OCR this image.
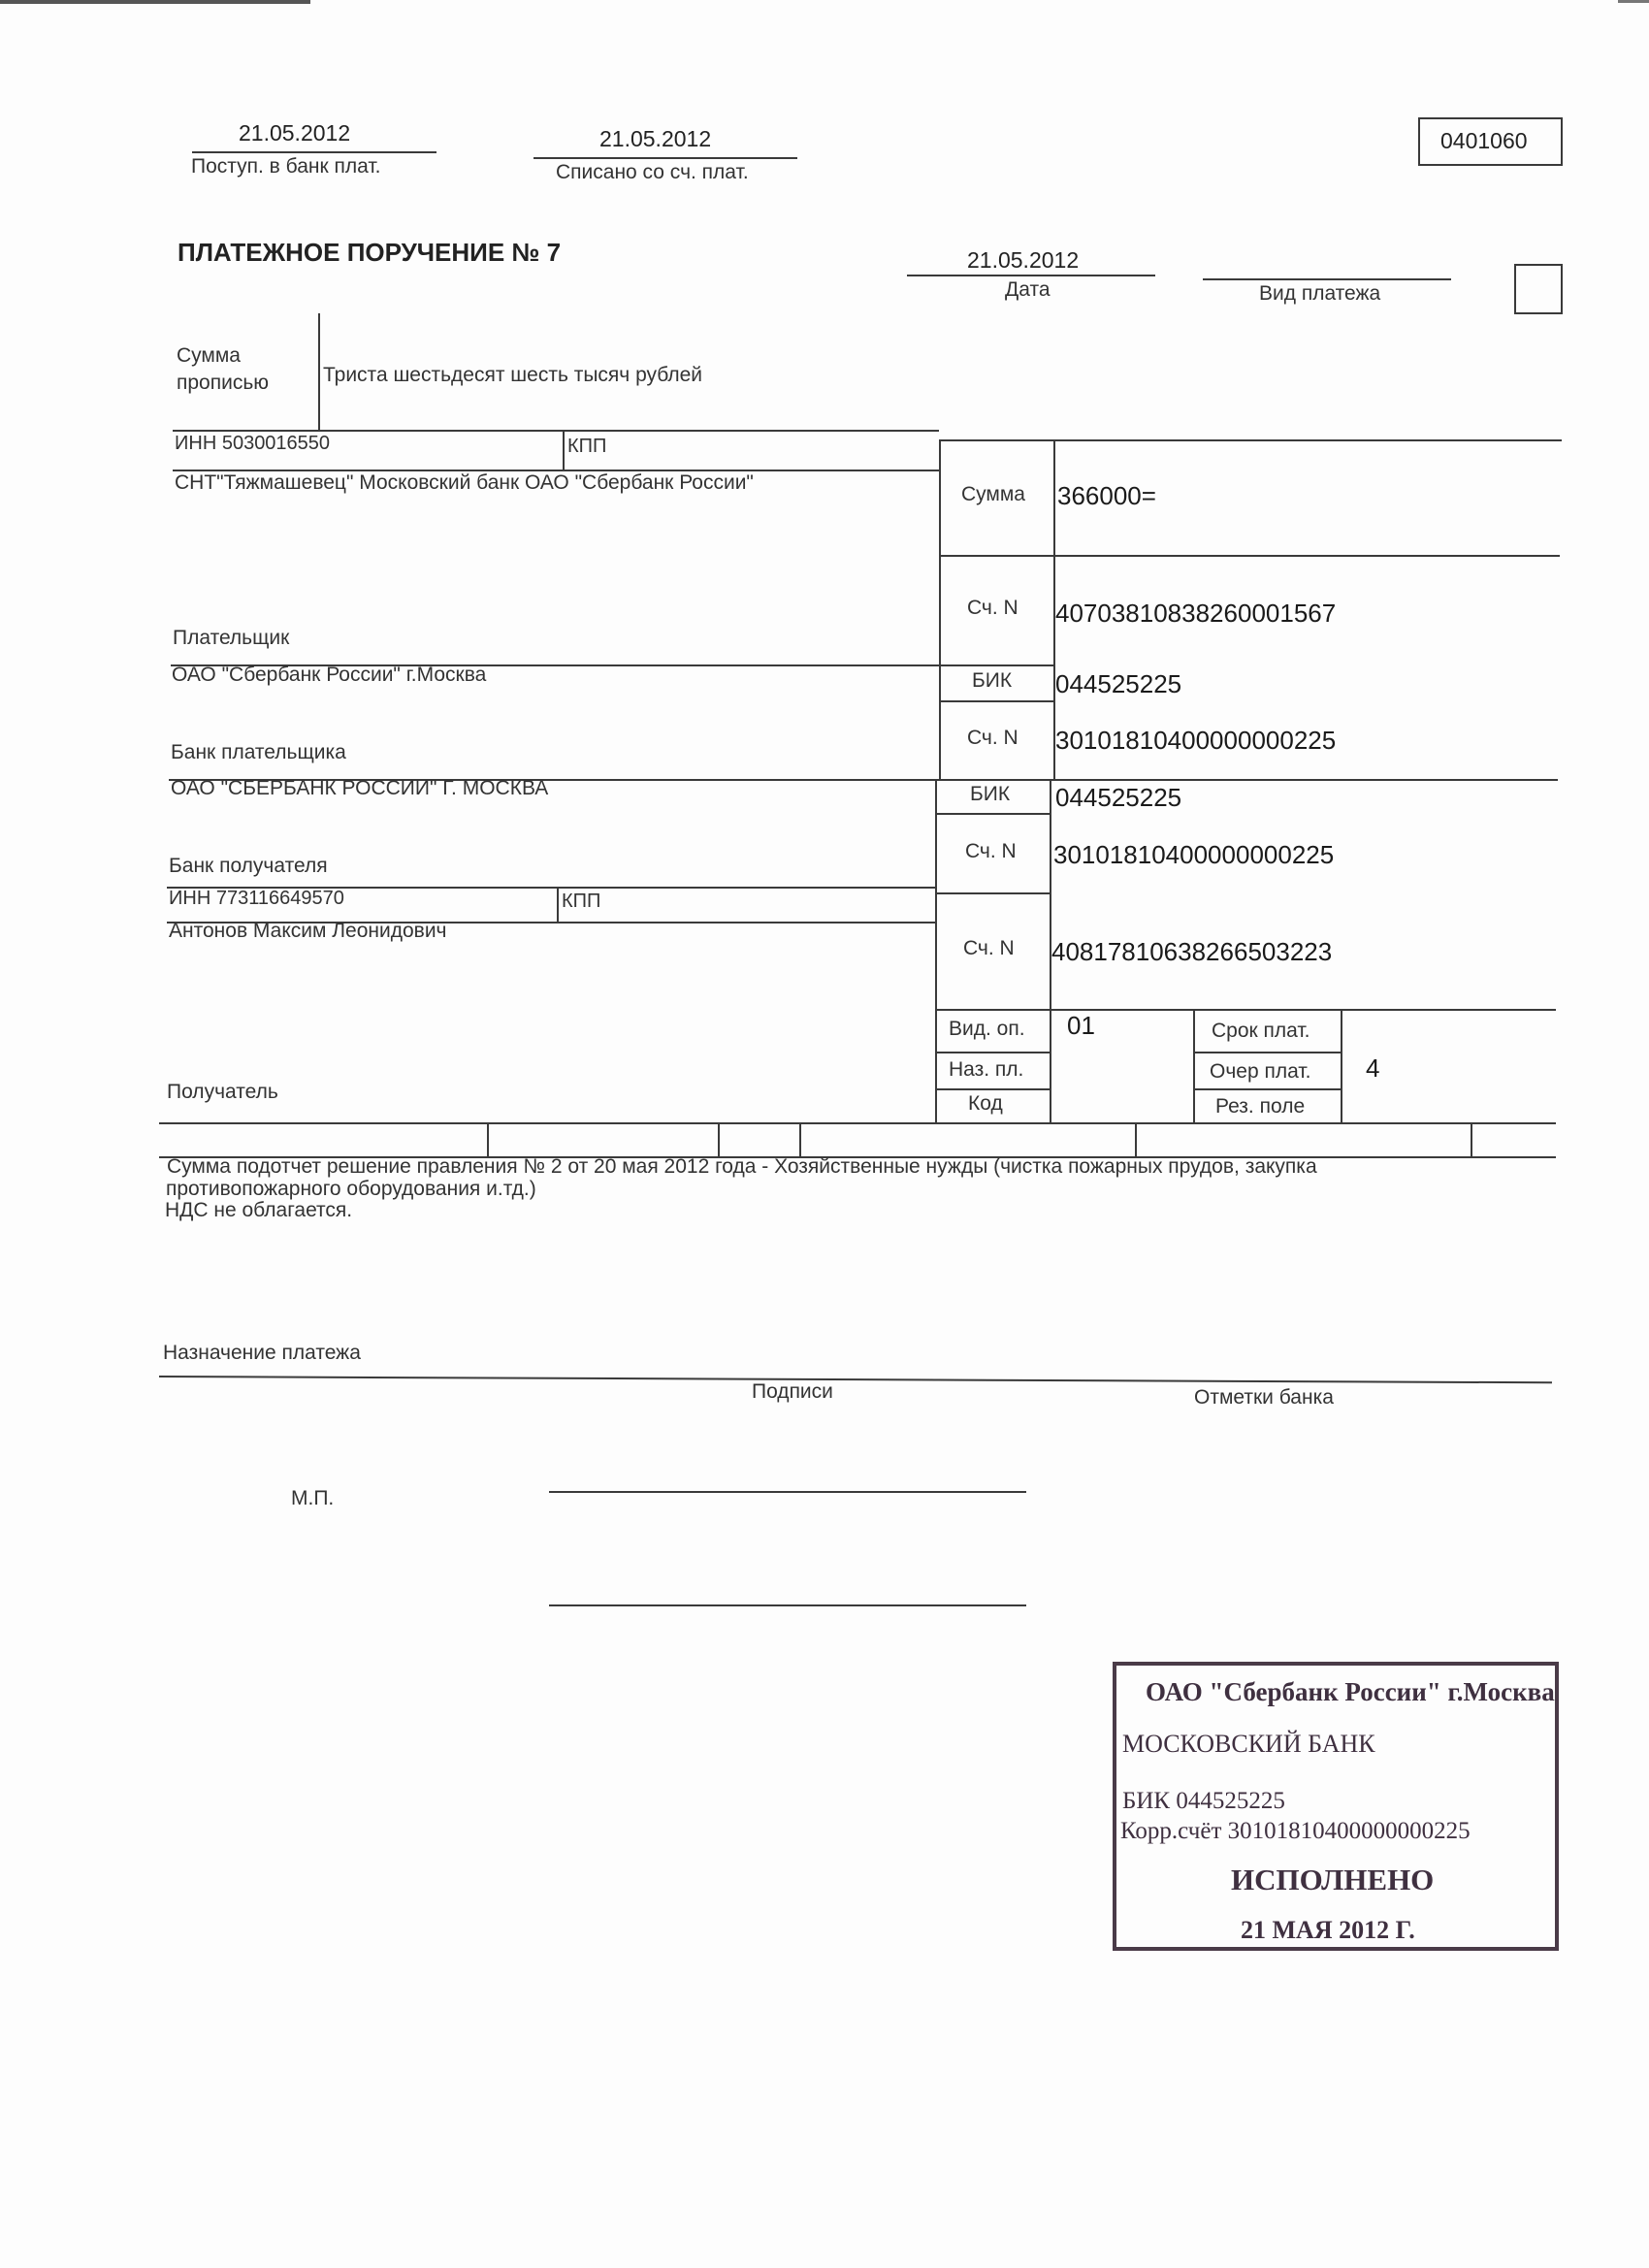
21.05.2012
Поступ. в банк плат.
21.05.2012
Списано со сч. плат.
0401060
ПЛАТЕЖНОЕ ПОРУЧЕНИЕ № 7	21.05.2012
Дата	Вид платежа
Сумма
прописью	Триста шестьдесят шесть тысяч рублей
ИНН 5030016550	КПП
СНТ"Тяжмашевец" Московский банк ОАО "Сбербанк России"
Плательщик
ОАО "Сбербанк России" г.Москва
Банк плательщика
ОАО "СБЕРБАНК РОССИИ" Г. МОСКВА
Банк получателя
ИНН 773116649570	КПП
Антонов Максим Леонидович
Получатель
Сумма 366000=
Сч. N 40703810838260001567
БИК 044525225
Сч. N 30101810400000000225
БИК 044525225
Сч. N 30101810400000000225
Сч. N 40817810638266503223
Вид. оп. 01
Наз. пл.
Код
Срок плат.
Очер плат. 4
Рез. поле
Сумма подотчет решение правления № 2 от 20 мая 2012 года - Хозяйственные нужды (чистка пожарных прудов, закупка
противопожарного оборудования и.тд.)
НДС не облагается.
Назначение платежа
Подписи	Отметки банка
М.П.
ОАО "Сбербанк России" г.Москва
МОСКОВСКИЙ БАНК
БИК 044525225
Корр.счёт 30101810400000000225
ИСПОЛНЕНО
21 МАЯ 2012 Г.
